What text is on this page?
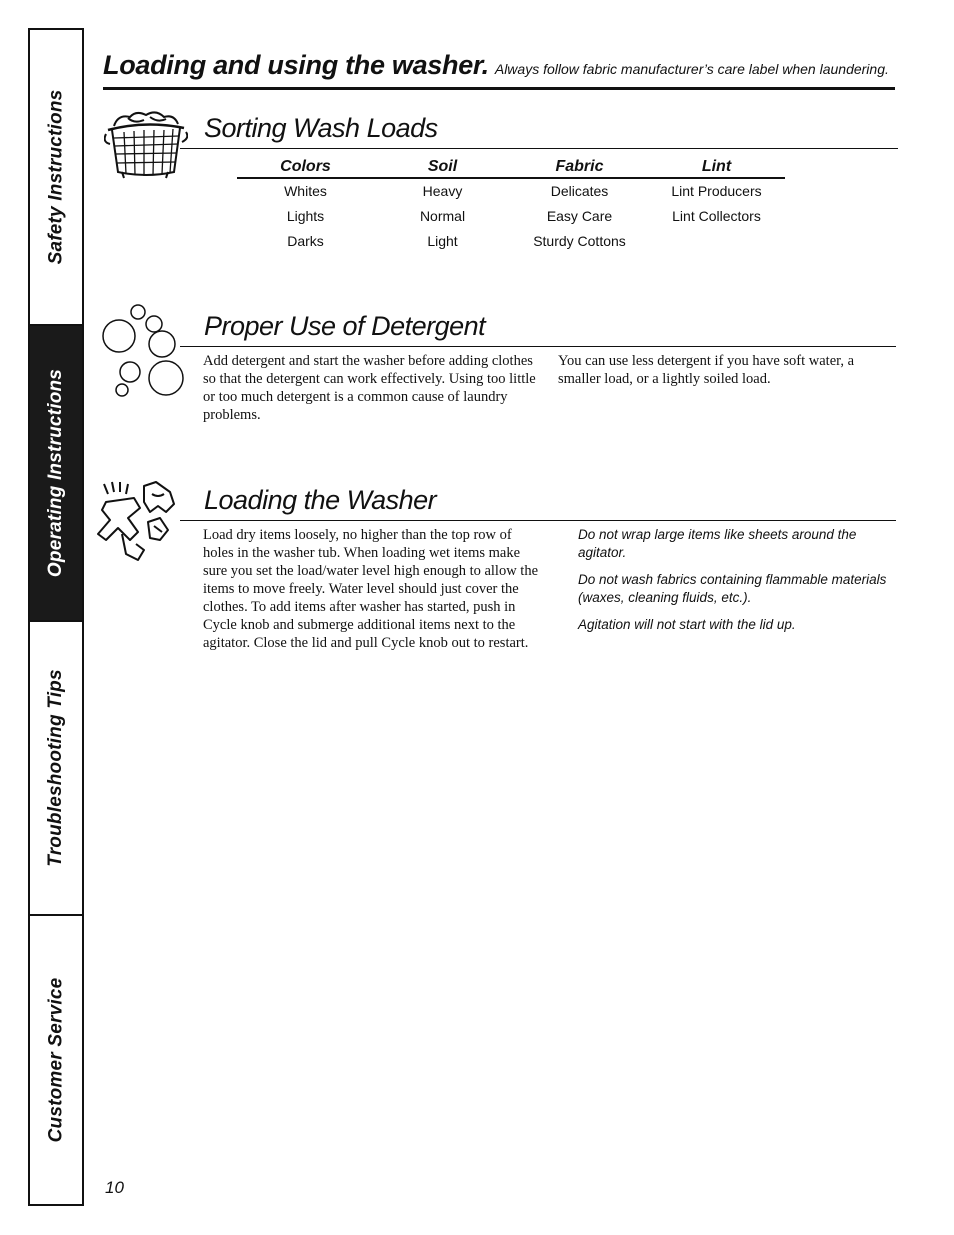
Safety Instructions
Operating Instructions
Troubleshooting Tips
Customer Service
Loading and using the washer. Always follow fabric manufacturer’s care label when laundering.
Sorting Wash Loads
Colors	Soil	Fabric	Lint
Whites	Heavy	Delicates	Lint Producers
Lights	Normal	Easy Care	Lint Collectors
Darks	Light	Sturdy Cottons	
Proper Use of Detergent
Add detergent and start the washer before adding clothes so that the detergent can work effectively. Using too little or too much detergent is a common cause of laundry problems.
You can use less detergent if you have soft water, a smaller load, or a lightly soiled load.
Loading the Washer
Load dry items loosely, no higher than the top row of holes in the washer tub. When loading wet items make sure you set the load/water level high enough to allow the items to move freely. Water level should just cover the clothes. To add items after washer has started, push in Cycle knob and submerge additional items next to the agitator. Close the lid and pull Cycle knob out to restart.

Do not wrap large items like sheets around the agitator.

Do not wash fabrics containing flammable materials (waxes, cleaning fluids, etc.).

Agitation will not start with the lid up.

10
